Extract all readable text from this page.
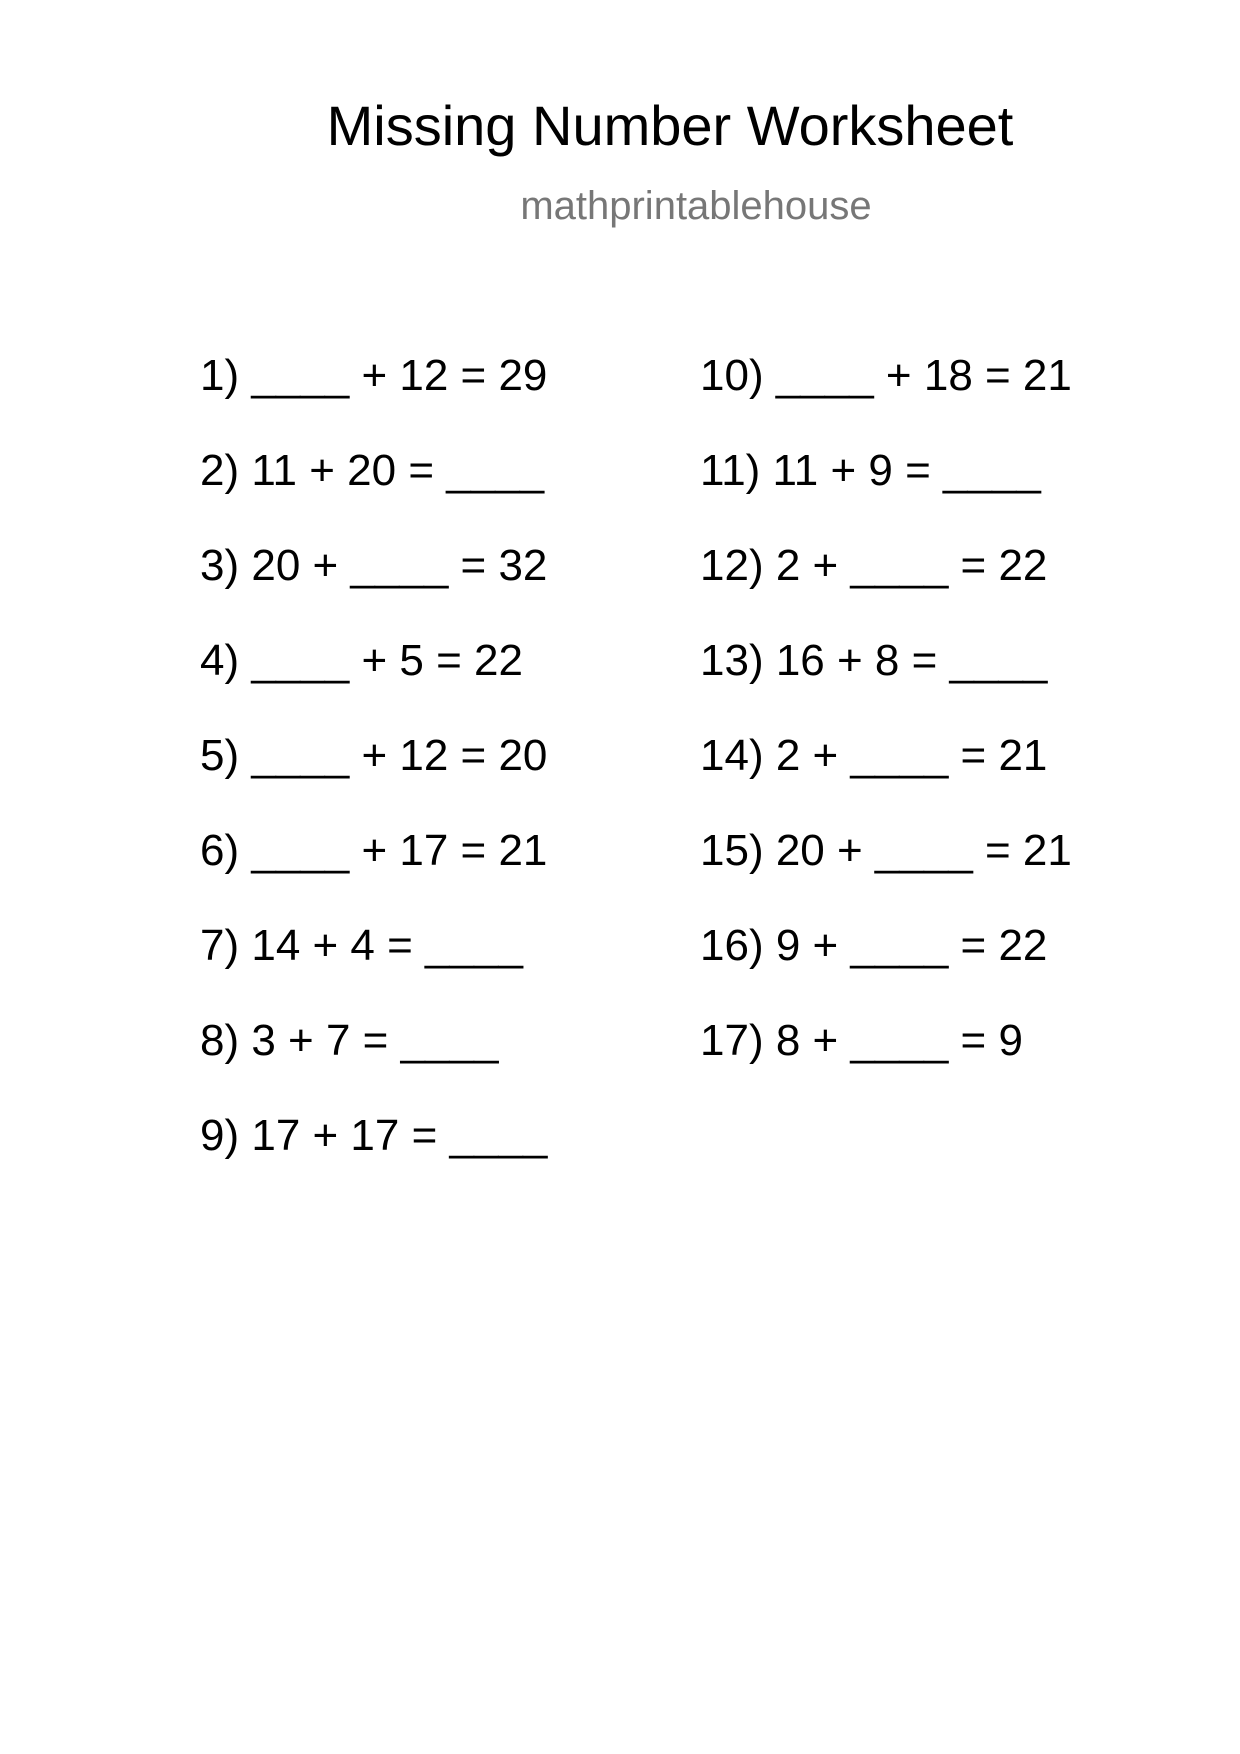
Missing Number Worksheet
mathprintablehouse
1) ____ + 12 = 29
2) 11 + 20 = ____
3) 20 + ____ = 32
4) ____ + 5 = 22
5) ____ + 12 = 20
6) ____ + 17 = 21
7) 14 + 4 = ____
8) 3 + 7 = ____
9) 17 + 17 = ____
10) ____ + 18 = 21
11) 11 + 9 = ____
12) 2 + ____ = 22
13) 16 + 8 = ____
14) 2 + ____ = 21
15) 20 + ____ = 21
16) 9 + ____ = 22
17) 8 + ____ = 9
